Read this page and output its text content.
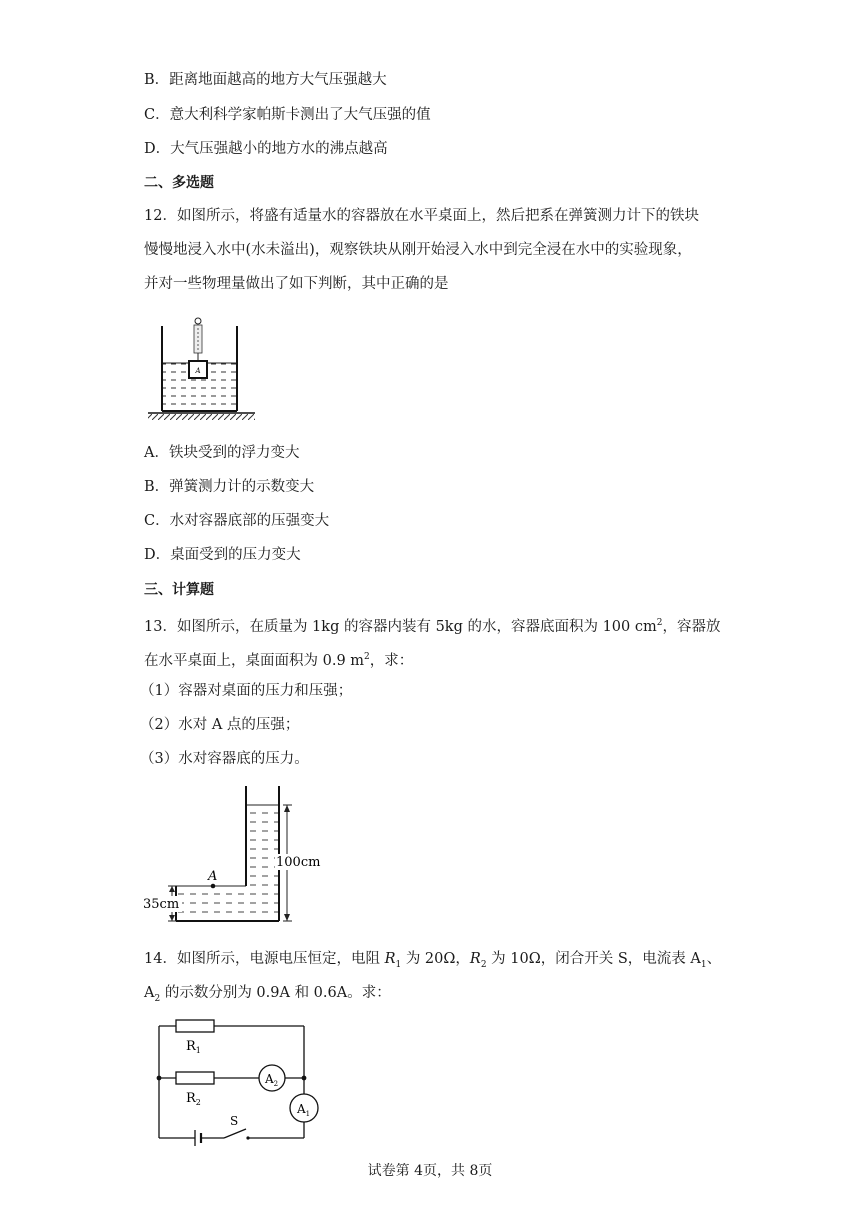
B．距离地面越高的地方大气压强越大
C．意大利科学家帕斯卡测出了大气压强的值
D．大气压强越小的地方水的沸点越高
二、多选题
12．如图所示，将盛有适量水的容器放在水平桌面上，然后把系在弹簧测力计下的铁块
慢慢地浸入水中(水未溢出)，观察铁块从刚开始浸入水中到完全浸在水中的实验现象，
并对一些物理量做出了如下判断，其中正确的是
A
A．铁块受到的浮力变大
B．弹簧测力计的示数变大
C．水对容器底部的压强变大
D．桌面受到的压力变大
三、计算题
13．如图所示，在质量为 1kg 的容器内装有 5kg 的水，容器底面积为 100 $cm^2$，容器放
在水平桌面上，桌面面积为 0.9 $m^2$，求：
（1）容器对桌面的压力和压强；
（2）水对 A 点的压强；
（3）水对容器底的压力。
A
100cm
35cm
14．如图所示，电源电压恒定，电阻 $R_1$ 为 20Ω，$R_2$ 为 10Ω，闭合开关 S，电流表 $A_1$、
$A_2$ 的示数分别为 0.9A 和 0.6A。求：
$R_1$
$R_2$
$A_2$
$A_1$
S
试卷第 4页，共 8页
